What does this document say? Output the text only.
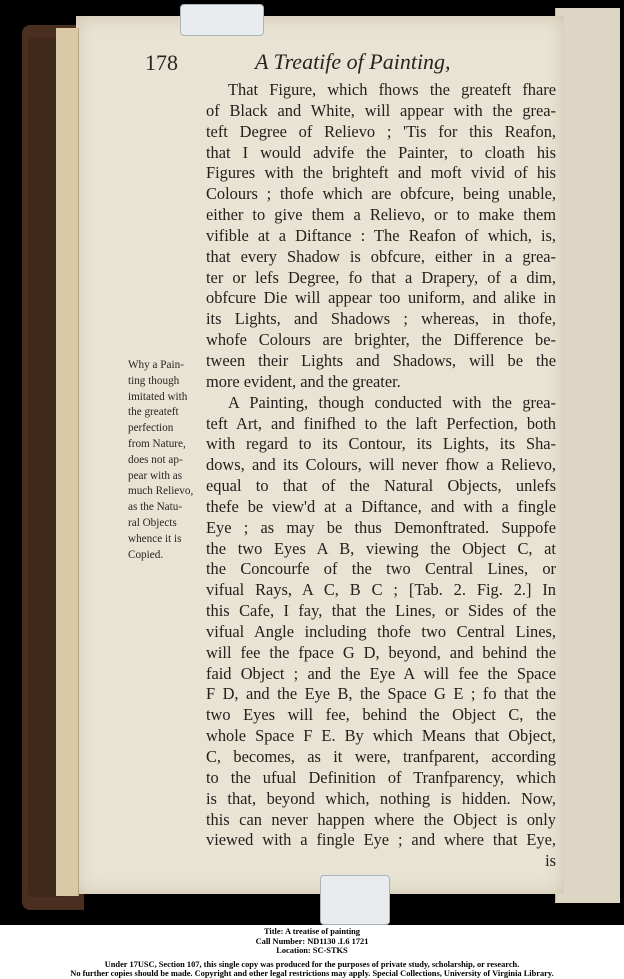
178	A Treatife of Painting,
That Figure, which fhows the greateft fhare
of Black and White, will appear with the grea-
teft Degree of Relievo ; 'Tis for this Reafon,
that I would advife the Painter, to cloath his
Figures with the brighteft and moft vivid of his
Colours ; thofe which are obfcure, being unable,
either to give them a Relievo, or to make them
vifible at a Diftance : The Reafon of which, is,
that every Shadow is obfcure, either in a grea-
ter or lefs Degree, fo that a Drapery, of a dim,
obfcure Die will appear too uniform, and alike in
its Lights, and Shadows ; whereas, in thofe,
whofe Colours are brighter, the Difference be-
tween their Lights and Shadows, will be the
more evident, and the greater.
A Painting, though conducted with the grea-
teft Art, and finifhed to the laft Perfection, both
with regard to its Contour, its Lights, its Sha-
dows, and its Colours, will never fhow a Relievo,
equal to that of the Natural Objects, unlefs
thefe be view'd at a Diftance, and with a fingle
Eye ; as may be thus Demonftrated. Suppofe
the two Eyes A B, viewing the Object C, at
the Concourfe of the two Central Lines, or
vifual Rays, A C, B C ; [Tab. 2. Fig. 2.] In
this Cafe, I fay, that the Lines, or Sides of the
vifual Angle including thofe two Central Lines,
will fee the fpace G D, beyond, and behind the
faid Object ; and the Eye A will fee the Space
F D, and the Eye B, the Space G E ; fo that the
two Eyes will fee, behind the Object C, the
whole Space F E. By which Means that Object,
C, becomes, as it were, tranfparent, according
to the ufual Definition of Tranfparency, which
is that, beyond which, nothing is hidden. Now,
this can never happen where the Object is only
viewed with a fingle Eye ; and where that Eye,
is
Why a Pain-
ting though
imitated with
the greateft
perfection
from Nature,
does not ap-
pear with as
much Relievo,
as the Natu-
ral Objects
whence it is
Copied.
Title: A treatise of painting
Call Number: ND1130 .L6 1721
Location: SC-STKS
Under 17USC, Section 107, this single copy was produced for the purposes of private study, scholarship, or research.
No further copies should be made. Copyright and other legal restrictions may apply. Special Collections, University of Virginia Library.
